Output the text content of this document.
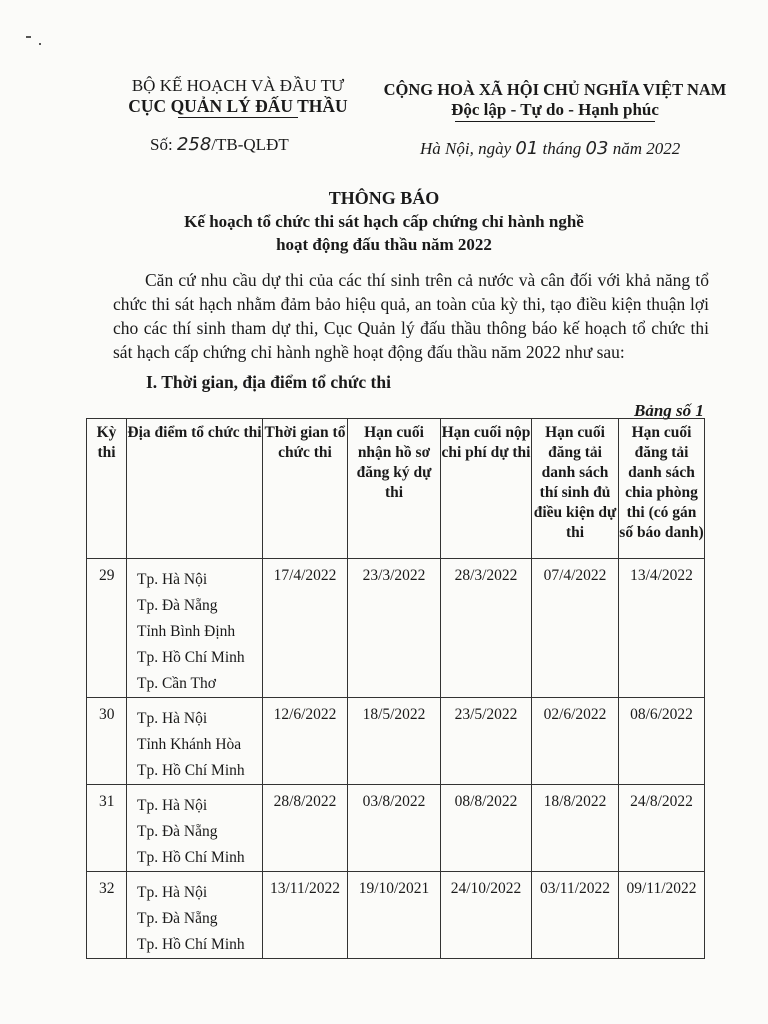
BỘ KẾ HOẠCH VÀ ĐẦU TƯ
CỤC QUẢN LÝ ĐẤU THẦU
CỘNG HOÀ XÃ HỘI CHỦ NGHĨA VIỆT NAM
Độc lập - Tự do - Hạnh phúc
Số: 258/TB-QLĐT	Hà Nội, ngày 01 tháng 03 năm 2022
THÔNG BÁO
Kế hoạch tổ chức thi sát hạch cấp chứng chỉ hành nghề
hoạt động đấu thầu năm 2022

Căn cứ nhu cầu dự thi của các thí sinh trên cả nước và cân đối với khả năng tổ chức thi sát hạch nhằm đảm bảo hiệu quả, an toàn của kỳ thi, tạo điều kiện thuận lợi cho các thí sinh tham dự thi, Cục Quản lý đấu thầu thông báo kế hoạch tổ chức thi sát hạch cấp chứng chỉ hành nghề hoạt động đấu thầu năm 2022 như sau:

I. Thời gian, địa điểm tổ chức thi
Bảng số 1
Kỳ thi	Địa điểm tổ chức thi	Thời gian tổ chức thi	Hạn cuối nhận hồ sơ đăng ký dự thi	Hạn cuối nộp chi phí dự thi	Hạn cuối đăng tải danh sách thí sinh đủ điều kiện dự thi	Hạn cuối đăng tải danh sách chia phòng thi (có gán số báo danh)
29	Tp. Hà Nội
Tp. Đà Nẵng
Tỉnh Bình Định
Tp. Hồ Chí Minh
Tp. Cần Thơ	17/4/2022	23/3/2022	28/3/2022	07/4/2022	13/4/2022
30	Tp. Hà Nội
Tỉnh Khánh Hòa
Tp. Hồ Chí Minh	12/6/2022	18/5/2022	23/5/2022	02/6/2022	08/6/2022
31	Tp. Hà Nội
Tp. Đà Nẵng
Tp. Hồ Chí Minh	28/8/2022	03/8/2022	08/8/2022	18/8/2022	24/8/2022
32	Tp. Hà Nội
Tp. Đà Nẵng
Tp. Hồ Chí Minh	13/11/2022	19/10/2021	24/10/2022	03/11/2022	09/11/2022
